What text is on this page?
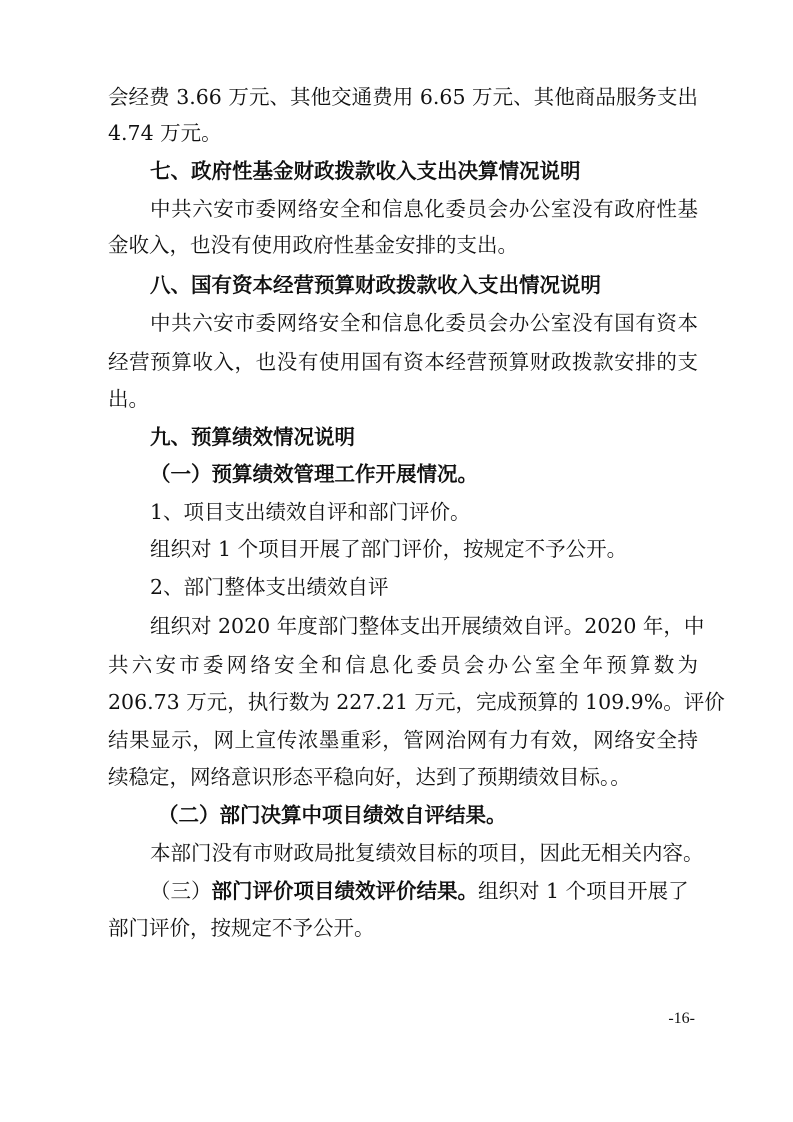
会经费 3.66 万元、其他交通费用 6.65 万元、其他商品服务支出
4.74 万元。
七、政府性基金财政拨款收入支出决算情况说明
中共六安市委网络安全和信息化委员会办公室没有政府性基
金收入，也没有使用政府性基金安排的支出。
八、国有资本经营预算财政拨款收入支出情况说明
中共六安市委网络安全和信息化委员会办公室没有国有资本
经营预算收入，也没有使用国有资本经营预算财政拨款安排的支
出。
九、预算绩效情况说明
（一）预算绩效管理工作开展情况。
1、项目支出绩效自评和部门评价。
组织对 1 个项目开展了部门评价，按规定不予公开。
2、部门整体支出绩效自评
组织对 2020 年度部门整体支出开展绩效自评。2020 年，中
共六安市委网络安全和信息化委员会办公室全年预算数为
206.73 万元，执行数为 227.21 万元，完成预算的 109.9%。评价
结果显示，网上宣传浓墨重彩，管网治网有力有效，网络安全持
续稳定，网络意识形态平稳向好，达到了预期绩效目标。。
（二）部门决算中项目绩效自评结果。
本部门没有市财政局批复绩效目标的项目，因此无相关内容。
（三）部门评价项目绩效评价结果。组织对 1 个项目开展了
部门评价，按规定不予公开。
-16-
